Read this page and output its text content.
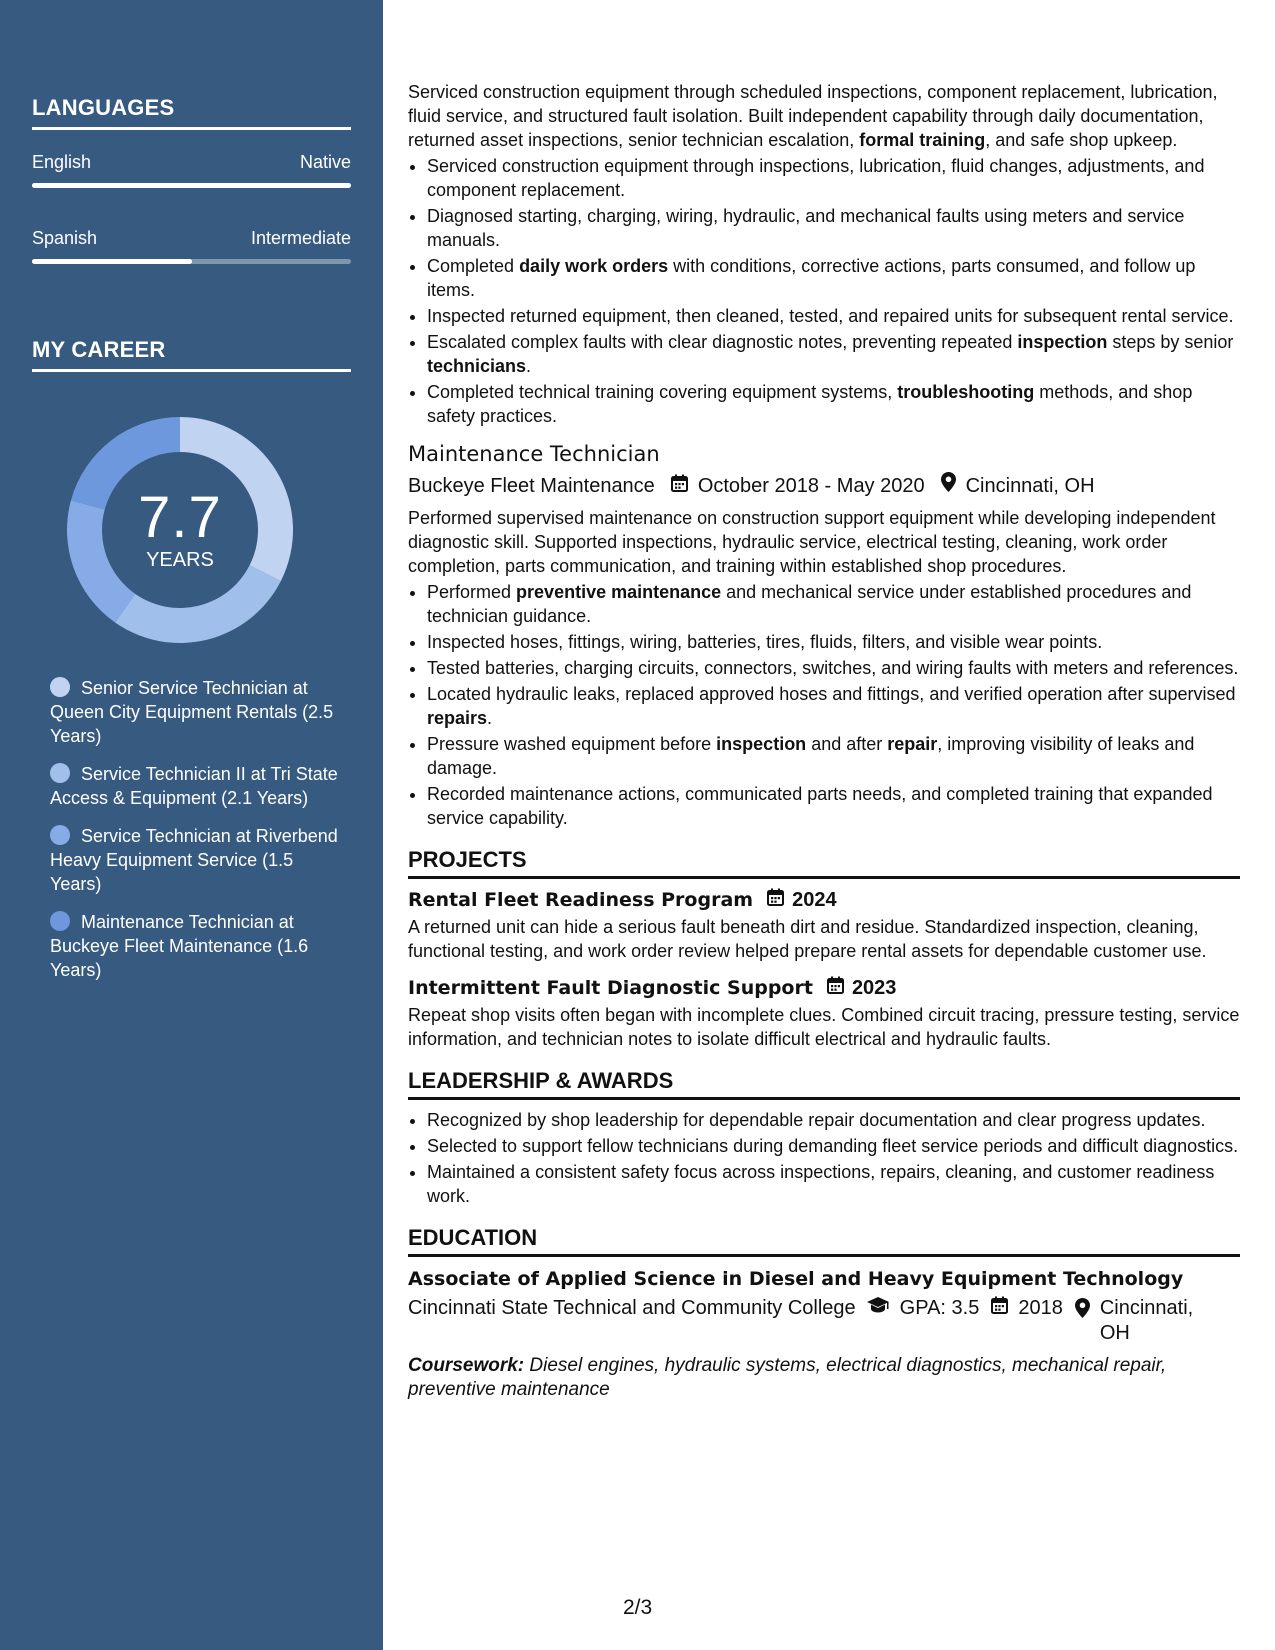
LANGUAGES
English	Native
Spanish	Intermediate
MY CAREER
7.7
YEARS
Senior Service Technician at Queen City Equipment Rentals (2.5 Years)
Service Technician II at Tri State Access & Equipment (2.1 Years)
Service Technician at Riverbend Heavy Equipment Service (1.5 Years)
Maintenance Technician at Buckeye Fleet Maintenance (1.6 Years)

Serviced construction equipment through scheduled inspections, component replacement, lubrication, fluid service, and structured fault isolation. Built independent capability through daily documentation, returned asset inspections, senior technician escalation, formal training, and safe shop upkeep.

• Serviced construction equipment through inspections, lubrication, fluid changes, adjustments, and component replacement.
• Diagnosed starting, charging, wiring, hydraulic, and mechanical faults using meters and service manuals.
• Completed daily work orders with conditions, corrective actions, parts consumed, and follow up items.
• Inspected returned equipment, then cleaned, tested, and repaired units for subsequent rental service.
• Escalated complex faults with clear diagnostic notes, preventing repeated inspection steps by senior technicians.
• Completed technical training covering equipment systems, troubleshooting methods, and shop safety practices.
Maintenance Technician
Buckeye Fleet Maintenance October 2018 - May 2020 Cincinnati, OH

Performed supervised maintenance on construction support equipment while developing independent diagnostic skill. Supported inspections, hydraulic service, electrical testing, cleaning, work order completion, parts communication, and training within established shop procedures.

• Performed preventive maintenance and mechanical service under established procedures and technician guidance.
• Inspected hoses, fittings, wiring, batteries, tires, fluids, filters, and visible wear points.
• Tested batteries, charging circuits, connectors, switches, and wiring faults with meters and references.
• Located hydraulic leaks, replaced approved hoses and fittings, and verified operation after supervised repairs.
• Pressure washed equipment before inspection and after repair, improving visibility of leaks and damage.
• Recorded maintenance actions, communicated parts needs, and completed training that expanded service capability.
PROJECTS
Rental Fleet Readiness Program 2024

A returned unit can hide a serious fault beneath dirt and residue. Standardized inspection, cleaning, functional testing, and work order review helped prepare rental assets for dependable customer use.

Intermittent Fault Diagnostic Support 2023

Repeat shop visits often began with incomplete clues. Combined circuit tracing, pressure testing, service information, and technician notes to isolate difficult electrical and hydraulic faults.

LEADERSHIP & AWARDS
• Recognized by shop leadership for dependable repair documentation and clear progress updates.
• Selected to support fellow technicians during demanding fleet service periods and difficult diagnostics.
• Maintained a consistent safety focus across inspections, repairs, cleaning, and customer readiness work.
EDUCATION
Associate of Applied Science in Diesel and Heavy Equipment Technology
Cincinnati State Technical and Community College GPA: 3.5 2018 Cincinnati, OH
Coursework: Diesel engines, hydraulic systems, electrical diagnostics, mechanical repair, preventive maintenance
2/3
